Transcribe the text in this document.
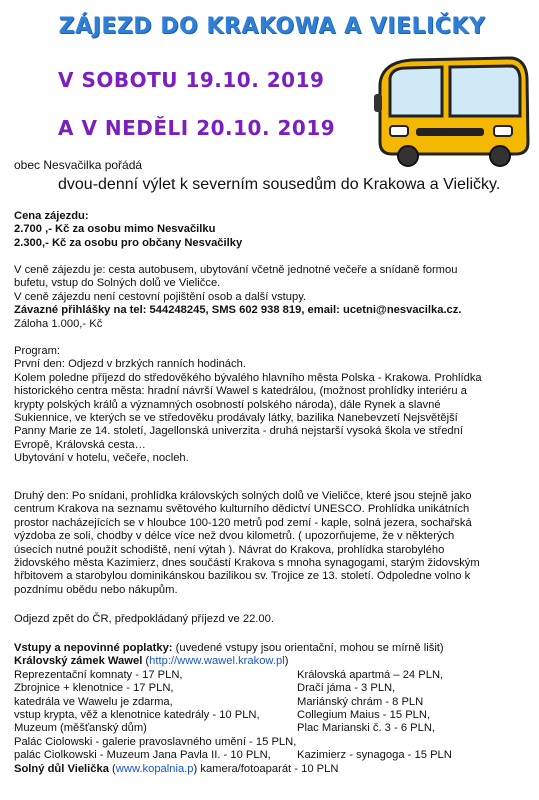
ZÁJEZD DO KRAKOWA A VIELIČKY
V SOBOTU 19.10. 2019
A V NEDĚLI 20.10. 2019
obec Nesvačilka pořádá
dvou-denní výlet k severním sousedům do Krakowa a Vieličky.
Cena zájezdu:
2.700 ,- Kč za osobu mimo Nesvačilku
2.300,- Kč za osobu pro občany Nesvačilky
V ceně zájezdu je: cesta autobusem, ubytování včetně jednotné večeře a snídaně formou
bufetu, vstup do Solných dolů ve Vieličce.
V ceně zájezdu není cestovní pojištění osob a další vstupy.
Závazné přihlášky na tel: 544248245, SMS 602 938 819, email: ucetni@nesvacilka.cz.
Záloha 1.000,- Kč
Program:
První den: Odjezd v brzkých ranních hodinách.
Kolem poledne příjezd do středověkého bývalého hlavního města Polska - Krakowa. Prohlídka
historického centra města: hradní návrší Wawel s katedrálou, (možnost prohlídky interiéru a
krypty polských králů a významných osobností polského národa), dále Rynek a slavné
Sukiennice, ve kterých se ve středověku prodávaly látky, bazilika Nanebevzetí Nejsvětější
Panny Marie ze 14. století, Jagellonská univerzita - druhá nejstarší vysoká škola ve střední
Evropě, Královská cesta…
Ubytování v hotelu, večeře, nocleh.
Druhý den: Po snídani, prohlídka královských solných dolů ve Vieličce, které jsou stejně jako
centrum Krakova na seznamu světového kulturního dědictví UNESCO. Prohlídka unikátních
prostor nacházejících se v hloubce 100-120 metrů pod zemí - kaple, solná jezera, sochařská
výzdoba ze soli, chodby v délce více než dvou kilometrů. ( upozorňujeme, že v některých
úsecích nutné použít schodiště, není výtah ). Návrat do Krakova, prohlídka starobylého
židovského města Kazimierz, dnes součástí Krakova s mnoha synagogami, starým židovským
hřbitovem a starobylou dominikánskou bazilikou sv. Trojice ze 13. století. Odpoledne volno k
pozdnímu obědu nebo nákupům.
Odjezd zpět do ČR, předpokládaný příjezd ve 22.00.
Vstupy a nepovinné poplatky: (uvedené vstupy jsou orientační, mohou se mírně lišit)
Královský zámek Wawel (http://www.wawel.krakow.pl)
Reprezentační komnaty - 17 PLN,	Královská apartmá – 24 PLN,
Zbrojnice + klenotnice - 17 PLN,	Dračí jáma - 3 PLN,
katedrála ve Wawelu je zdarma,	Mariánský chrám - 8 PLN
vstup krypta, věž a klenotnice katedrály - 10 PLN,	Collegium Maius - 15 PLN,
Muzeum (měšťanský dům)	Plac Marianski č. 3 - 6 PLN,
Palác Ciolowski - galerie pravoslavného umění - 15 PLN,
palác Ciolkowski - Muzeum Jana Pavla II. - 10 PLN,	Kazimierz - synagoga - 15 PLN
Solný důl Vielička (www.kopalnia.p) kamera/fotoaparát - 10 PLN
